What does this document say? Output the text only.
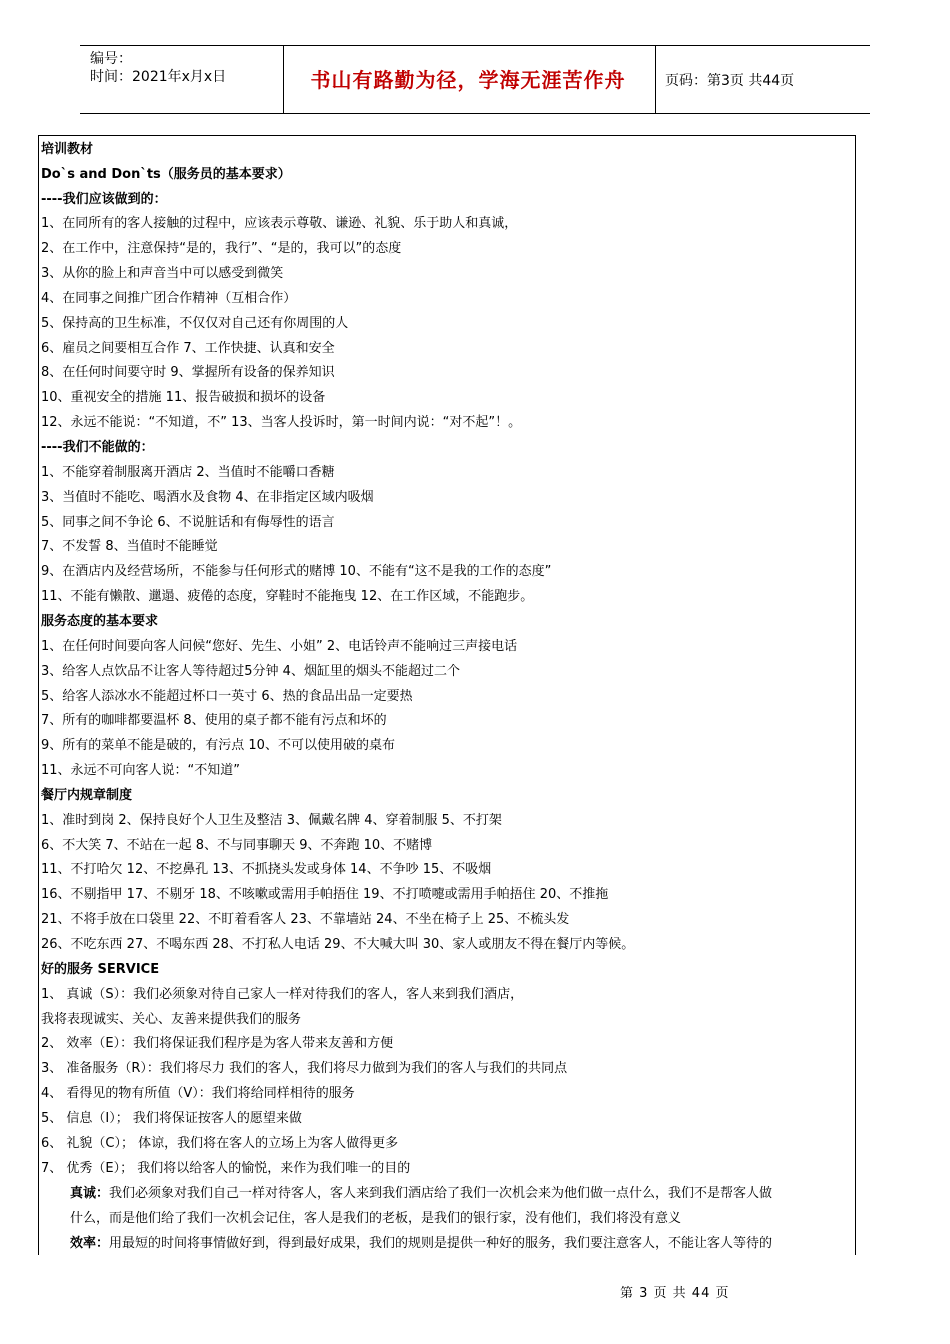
编号：
时间：2021年x月x日	书山有路勤为径，学海无涯苦作舟	页码：第3页 共44页
培训教材
Do`s and Don`ts（服务员的基本要求）
----我们应该做到的：
1、在同所有的客人接触的过程中，应该表示尊敬、谦逊、礼貌、乐于助人和真诚，
2、在工作中，注意保持“是的，我行”、“是的，我可以”的态度
3、从你的脸上和声音当中可以感受到微笑
4、在同事之间推广团合作精神（互相合作）
5、保持高的卫生标准，不仅仅对自己还有你周围的人
6、雇员之间要相互合作 7、工作快捷、认真和安全
8、在任何时间要守时 9、掌握所有设备的保养知识
10、重视安全的措施 11、报告破损和损坏的设备
12、永远不能说：“不知道，不” 13、当客人投诉时，第一时间内说：“对不起”！。
----我们不能做的：
1、不能穿着制服离开酒店 2、当值时不能嚼口香糖
3、当值时不能吃、喝酒水及食物 4、在非指定区域内吸烟
5、同事之间不争论 6、不说脏话和有侮辱性的语言
7、不发誓 8、当值时不能睡觉
9、在酒店内及经营场所，不能参与任何形式的赌博 10、不能有“这不是我的工作的态度”
11、不能有懒散、邋遢、疲倦的态度，穿鞋时不能拖曳 12、在工作区域，不能跑步。
服务态度的基本要求
1、在任何时间要向客人问候“您好、先生、小姐” 2、电话铃声不能响过三声接电话
3、给客人点饮品不让客人等待超过5分钟 4、烟缸里的烟头不能超过二个
5、给客人添冰水不能超过杯口一英寸 6、热的食品出品一定要热
7、所有的咖啡都要温杯 8、使用的桌子都不能有污点和坏的
9、所有的菜单不能是破的，有污点 10、不可以使用破的桌布
11、永远不可向客人说：“不知道”
餐厅内规章制度
1、准时到岗 2、保持良好个人卫生及整洁 3、佩戴名牌 4、穿着制服 5、不打架
6、不大笑 7、不站在一起 8、不与同事聊天 9、不奔跑 10、不赌博
11、不打哈欠 12、不挖鼻孔 13、不抓挠头发或身体 14、不争吵 15、不吸烟
16、不剔指甲 17、不剔牙 18、不咳嗽或需用手帕捂住 19、不打喷嚏或需用手帕捂住 20、不推拖
21、不将手放在口袋里 22、不盯着看客人 23、不靠墙站 24、不坐在椅子上 25、不梳头发
26、不吃东西 27、不喝东西 28、不打私人电话 29、不大喊大叫 30、家人或朋友不得在餐厅内等候。
好的服务 SERVICE
1、 真诚（S）：我们必须象对待自己家人一样对待我们的客人，客人来到我们酒店，
我将表现诚实、关心、友善来提供我们的服务
2、 效率（E）：我们将保证我们程序是为客人带来友善和方便
3、 准备服务（R）：我们将尽力 我们的客人，我们将尽力做到为我们的客人与我们的共同点
4、 看得见的物有所值（V）：我们将给同样相待的服务
5、 信息（I）； 我们将保证按客人的愿望来做
6、 礼貌（C）； 体谅，我们将在客人的立场上为客人做得更多
7、 优秀（E）； 我们将以给客人的愉悦，来作为我们唯一的目的
真诚：我们必须象对我们自己一样对待客人，客人来到我们酒店给了我们一次机会来为他们做一点什么，我们不是帮客人做
什么，而是他们给了我们一次机会记住，客人是我们的老板，是我们的银行家，没有他们，我们将没有意义
效率：用最短的时间将事情做好到，得到最好成果，我们的规则是提供一种好的服务，我们要注意客人，不能让客人等待的
第 3 页 共 44 页
